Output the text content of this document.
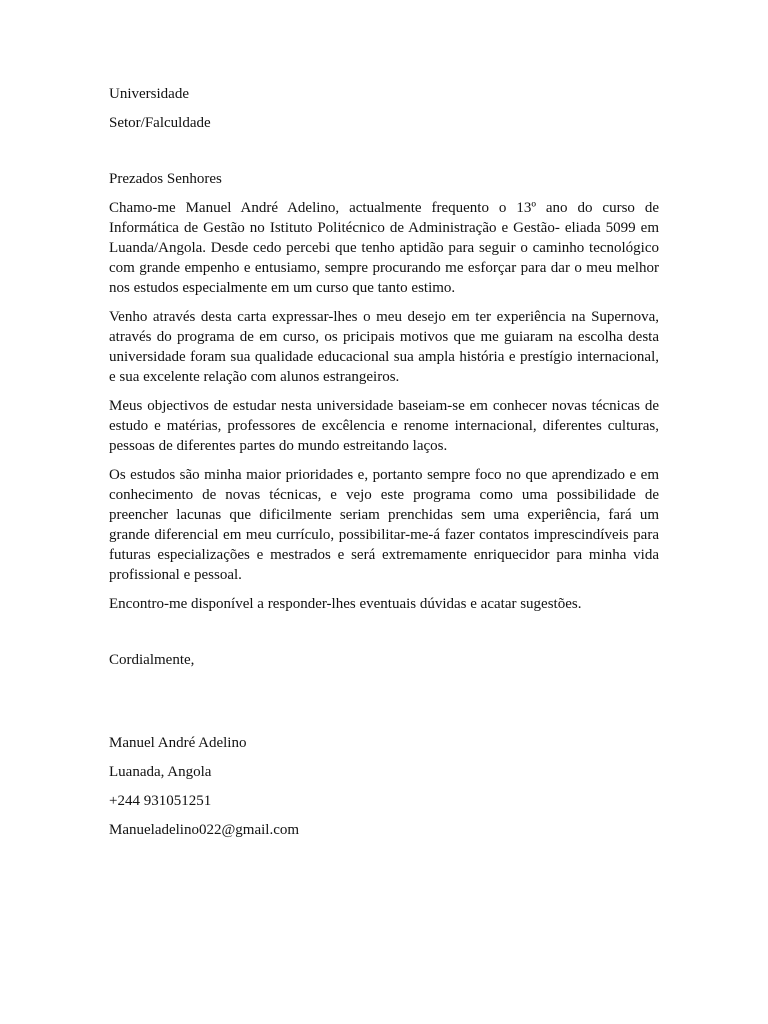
Universidade

Setor/Falculdade

Prezados Senhores

Chamo-me Manuel André Adelino, actualmente frequento o 13º ano do curso de Informática de Gestão no Istituto Politécnico de Administração e Gestão- eliada 5099 em Luanda/Angola. Desde cedo percebi que tenho aptidão para seguir o caminho tecnológico com grande empenho e entusiamo, sempre procurando me esforçar para dar o meu melhor nos estudos especialmente em um curso que tanto estimo.

Venho através desta carta expressar-lhes o meu desejo em ter experiência na Supernova, através do programa de em curso, os pricipais motivos que me guiaram na escolha desta universidade foram sua qualidade educacional sua ampla história e prestígio internacional, e sua excelente relação com alunos estrangeiros.

Meus objectivos de estudar nesta universidade baseiam-se em conhecer novas técnicas de estudo e matérias, professores de excêlencia e renome internacional, diferentes culturas, pessoas de diferentes partes do mundo estreitando laços.

Os estudos são minha maior prioridades e, portanto sempre foco no que aprendizado e em conhecimento de novas técnicas, e vejo este programa como uma possibilidade de preencher lacunas que dificilmente seriam prenchidas sem uma experiência, fará um grande diferencial em meu currículo, possibilitar-me-á fazer contatos imprescindíveis para futuras especializações e mestrados e será extremamente enriquecidor para minha vida profissional e pessoal.

Encontro-me disponível a responder-lhes eventuais dúvidas e acatar sugestões.

Cordialmente,

Manuel André Adelino

Luanada, Angola

+244 931051251

Manueladelino022@gmail.com
